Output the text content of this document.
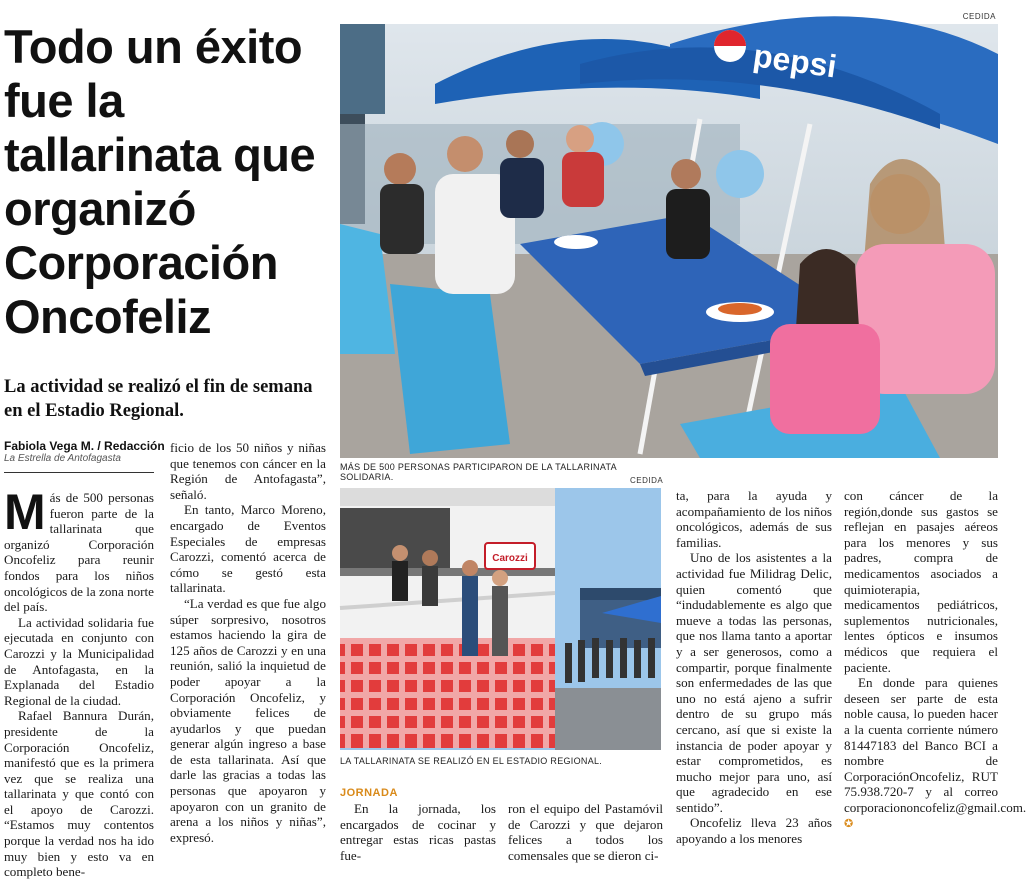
Todo un éxito fue la tallarinata que organizó Corporación Oncofeliz
La actividad se realizó el fin de semana en el Estadio Regional.
Fabiola Vega M. / Redacción
La Estrella de Antofagasta

Más de 500 personas fueron parte de la tallarinata que organizó Corporación Oncofeliz para reunir fondos para los niños oncológicos de la zona norte del país.

La actividad solidaria fue ejecutada en conjunto con Carozzi y la Municipalidad de Antofagasta, en la Explanada del Estadio Regional de la ciudad.

Rafael Bannura Durán, presidente de la Corporación Oncofeliz, manifestó que es la primera vez que se realiza una tallarinata y que contó con el apoyo de Carozzi. “Estamos muy contentos porque la verdad nos ha ido muy bien y esto va en completo bene-

ficio de los 50 niños y niñas que tenemos con cáncer en la Región de Antofagasta”, señaló.

En tanto, Marco Moreno, encargado de Eventos Especiales de empresas Carozzi, comentó acerca de cómo se gestó esta tallarinata.

“La verdad es que fue algo súper sorpresivo, nosotros estamos haciendo la gira de 125 años de Carozzi y en una reunión, salió la inquietud de poder apoyar a la Corporación Oncofeliz, y obviamente felices de ayudarlos y que puedan generar algún ingreso a base de esta tallarinata. Así que darle las gracias a todas las personas que apoyaron y apoyaron con un granito de arena a los niños y niñas”, expresó.

CEDIDA
pepsi
MÁS DE 500 PERSONAS PARTICIPARON DE LA TALLARINATA SOLIDARIA.	CEDIDA
Carozzi
LA TALLARINATA SE REALIZÓ EN EL ESTADIO REGIONAL.
JORNADA

En la jornada, los encargados de cocinar y entregar estas ricas pastas fue-

ron el equipo del Pastamóvil de Carozzi y que dejaron felices a todos los comensales que se dieron ci-

ta, para la ayuda y acompañamiento de los niños oncológicos, además de sus familias.

Uno de los asistentes a la actividad fue Milidrag Delic, quien comentó que “indudablemente es algo que mueve a todas las personas, que nos llama tanto a aportar y a ser generosos, como a compartir, porque finalmente son enfermedades de las que uno no está ajeno a sufrir dentro de su grupo más cercano, así que si existe la instancia de poder apoyar y estar comprometidos, es mucho mejor para uno, así que agradecido en ese sentido”.

Oncofeliz lleva 23 años apoyando a los menores

con cáncer de la región,donde sus gastos se reflejan en pasajes aéreos para los menores y sus padres, compra de medicamentos asociados a quimioterapia, medicamentos pediátricos, suplementos nutricionales, lentes ópticos e insumos médicos que requiera el paciente.

En donde para quienes deseen ser parte de esta noble causa, lo pueden hacer a la cuenta corriente número 81447183 del Banco BCI a nombre de CorporaciónOncofeliz, RUT 75.938.720-7 y al correo corporaciononcofeliz@gmail.com. ✪
